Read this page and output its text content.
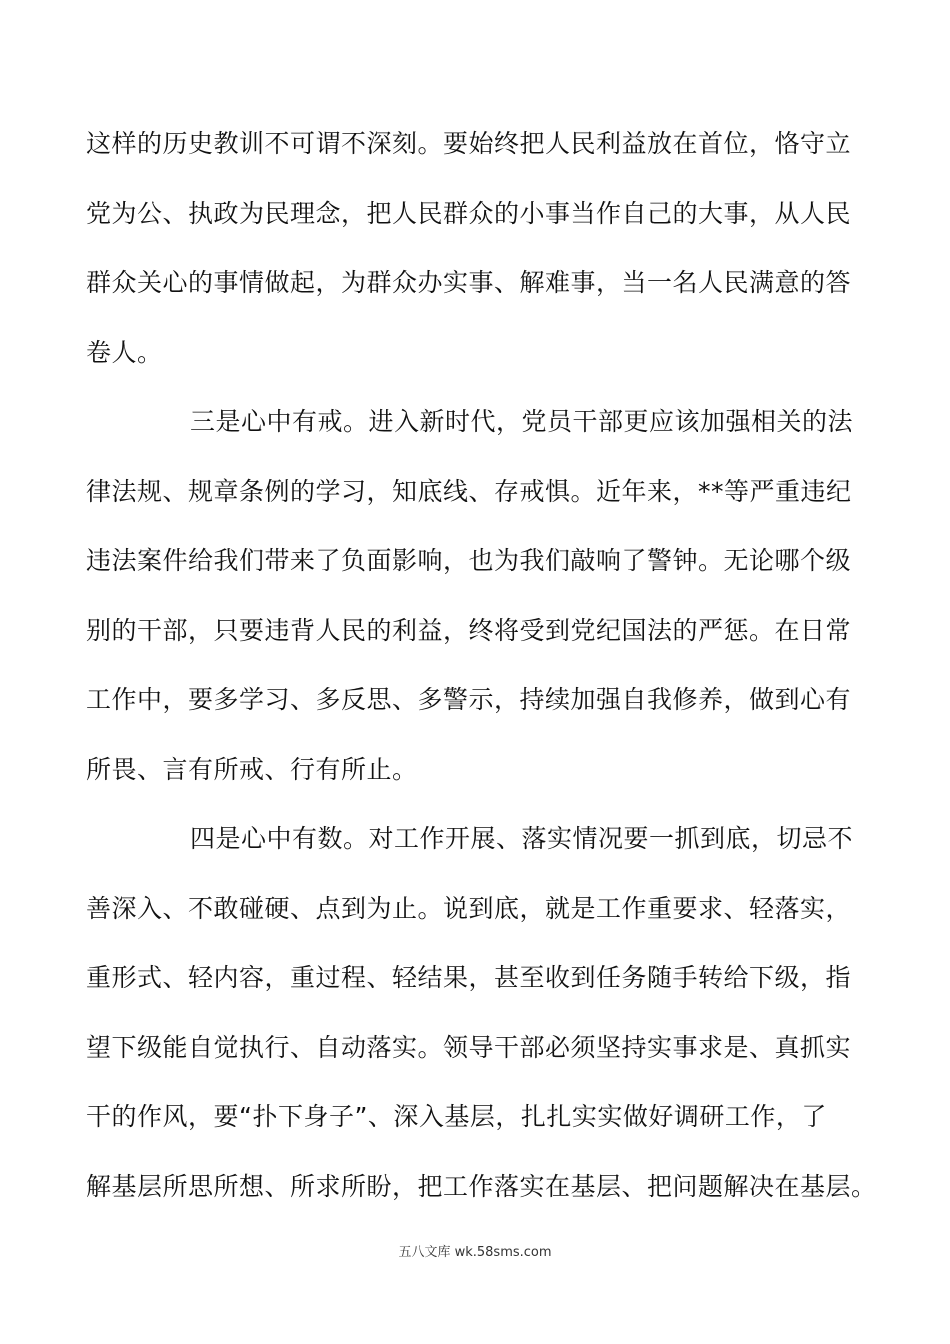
这样的历史教训不可谓不深刻。要始终把人民利益放在首位，恪守立
党为公、执政为民理念，把人民群众的小事当作自己的大事，从人民
群众关心的事情做起，为群众办实事、解难事，当一名人民满意的答
卷人。
三是心中有戒。进入新时代，党员干部更应该加强相关的法
律法规、规章条例的学习，知底线、存戒惧。近年来，**等严重违纪
违法案件给我们带来了负面影响，也为我们敲响了警钟。无论哪个级
别的干部，只要违背人民的利益，终将受到党纪国法的严惩。在日常
工作中，要多学习、多反思、多警示，持续加强自我修养，做到心有
所畏、言有所戒、行有所止。
四是心中有数。对工作开展、落实情况要一抓到底，切忌不
善深入、不敢碰硬、点到为止。说到底，就是工作重要求、轻落实，
重形式、轻内容，重过程、轻结果，甚至收到任务随手转给下级，指
望下级能自觉执行、自动落实。领导干部必须坚持实事求是、真抓实
干的作风，要“扑下身子”、深入基层，扎扎实实做好调研工作，了
解基层所思所想、所求所盼，把工作落实在基层、把问题解决在基层。
五八文库 wk.58sms.com
